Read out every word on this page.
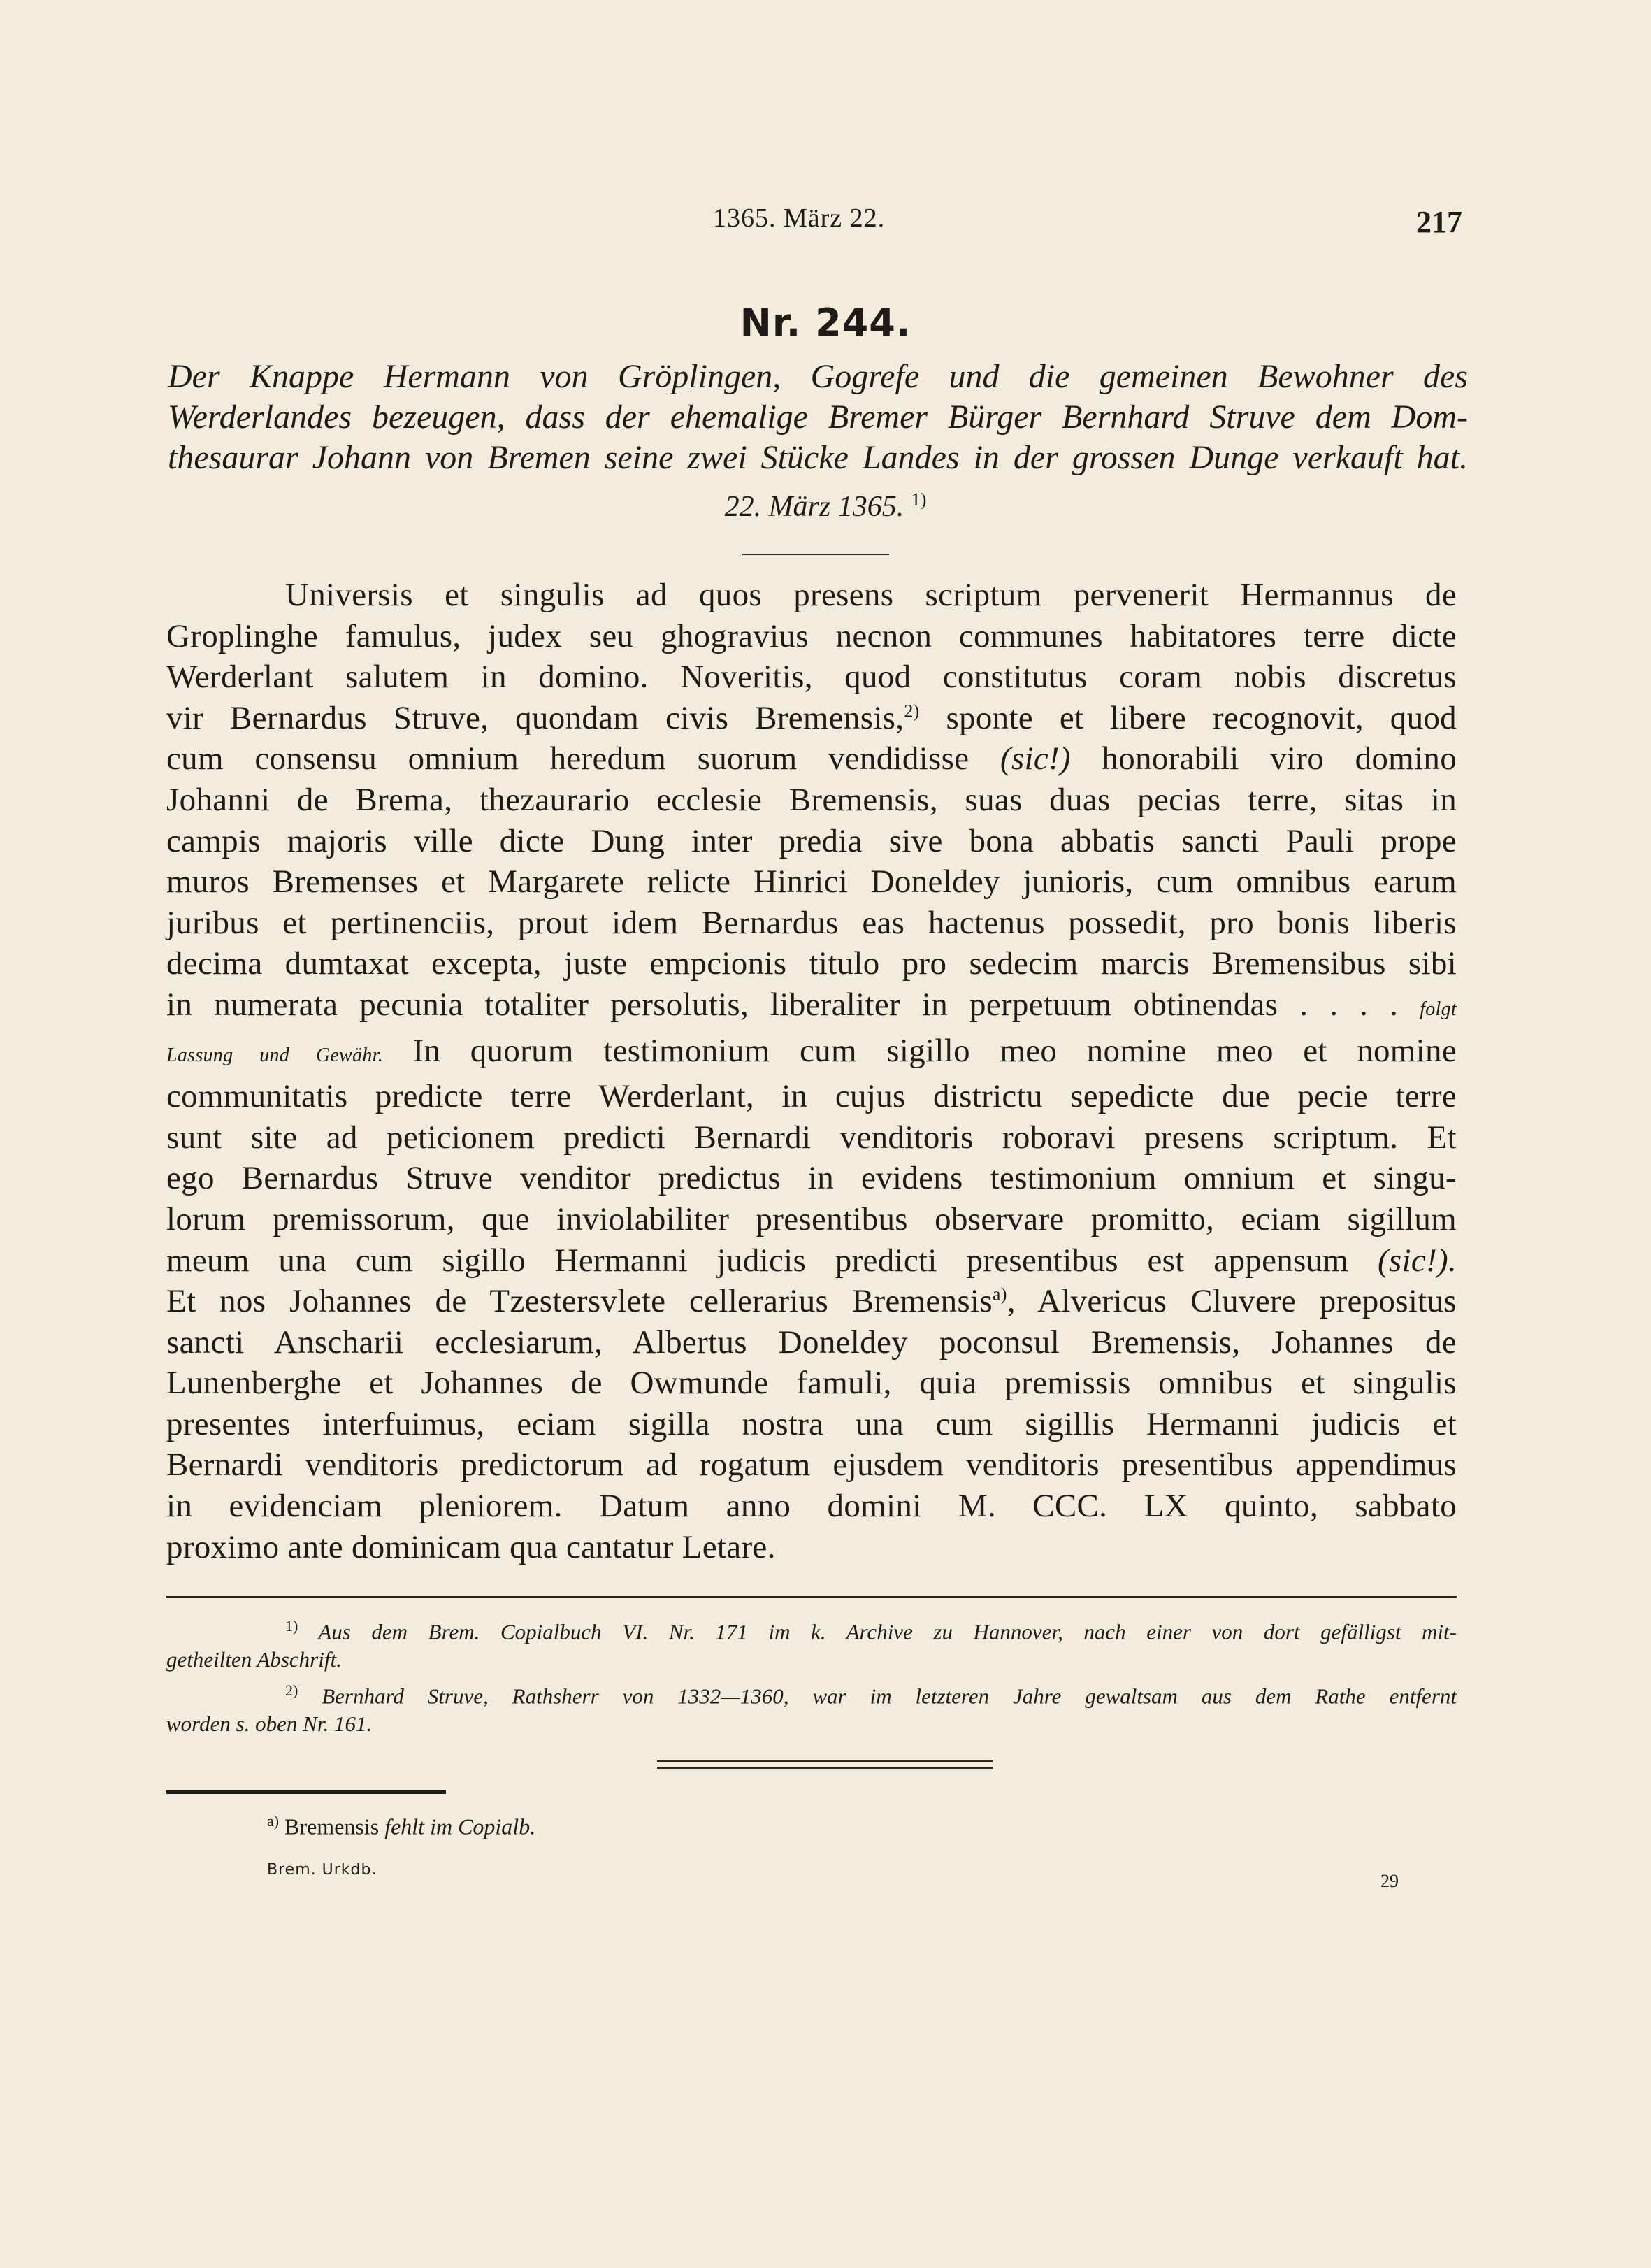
1365. März 22.	217
Nr. 244.
Der Knappe Hermann von Gröplingen, Gogrefe und die gemeinen Bewohner des
Werderlandes bezeugen, dass der ehemalige Bremer Bürger Bernhard Struve dem Dom-
thesaurar Johann von Bremen seine zwei Stücke Landes in der grossen Dunge verkauft hat.
22. März 1365. $^{1)}$
Universis et singulis ad quos presens scriptum pervenerit Hermannus de
Groplinghe famulus, judex seu ghogravius necnon communes habitatores terre dicte
Werderlant salutem in domino. Noveritis, quod constitutus coram nobis discretus
vir Bernardus Struve, quondam civis Bremensis,$^{2)}$ sponte et libere recognovit, quod
cum consensu omnium heredum suorum vendidisse (sic!) honorabili viro domino
Johanni de Brema, thezaurario ecclesie Bremensis, suas duas pecias terre, sitas in
campis majoris ville dicte Dung inter predia sive bona abbatis sancti Pauli prope
muros Bremenses et Margarete relicte Hinrici Doneldey junioris, cum omnibus earum
juribus et pertinenciis, prout idem Bernardus eas hactenus possedit, pro bonis liberis
decima dumtaxat excepta, juste empcionis titulo pro sedecim marcis Bremensibus sibi
in numerata pecunia totaliter persolutis, liberaliter in perpetuum obtinendas . . . . folgt
Lassung und Gewähr. In quorum testimonium cum sigillo meo nomine meo et nomine
communitatis predicte terre Werderlant, in cujus districtu sepedicte due pecie terre
sunt site ad peticionem predicti Bernardi venditoris roboravi presens scriptum. Et
ego Bernardus Struve venditor predictus in evidens testimonium omnium et singu-
lorum premissorum, que inviolabiliter presentibus observare promitto, eciam sigillum
meum una cum sigillo Hermanni judicis predicti presentibus est appensum (sic!).
Et nos Johannes de Tzestersvlete cellerarius Bremensis$^{a)}$, Alvericus Cluvere prepositus
sancti Anscharii ecclesiarum, Albertus Doneldey poconsul Bremensis, Johannes de
Lunenberghe et Johannes de Owmunde famuli, quia premissis omnibus et singulis
presentes interfuimus, eciam sigilla nostra una cum sigillis Hermanni judicis et
Bernardi venditoris predictorum ad rogatum ejusdem venditoris presentibus appendimus
in evidenciam pleniorem. Datum anno domini M. CCC. LX quinto, sabbato
proximo ante dominicam qua cantatur Letare.
$^{1)}$ Aus dem Brem. Copialbuch VI. Nr. 171 im k. Archive zu Hannover, nach einer von dort gefälligst mit-
getheilten Abschrift.
$^{2)}$ Bernhard Struve, Rathsherr von 1332—1360, war im letzteren Jahre gewaltsam aus dem Rathe entfernt
worden s. oben Nr. 161.
$^{a)}$ Bremensis fehlt im Copialb.
Brem. Urkdb.
29
